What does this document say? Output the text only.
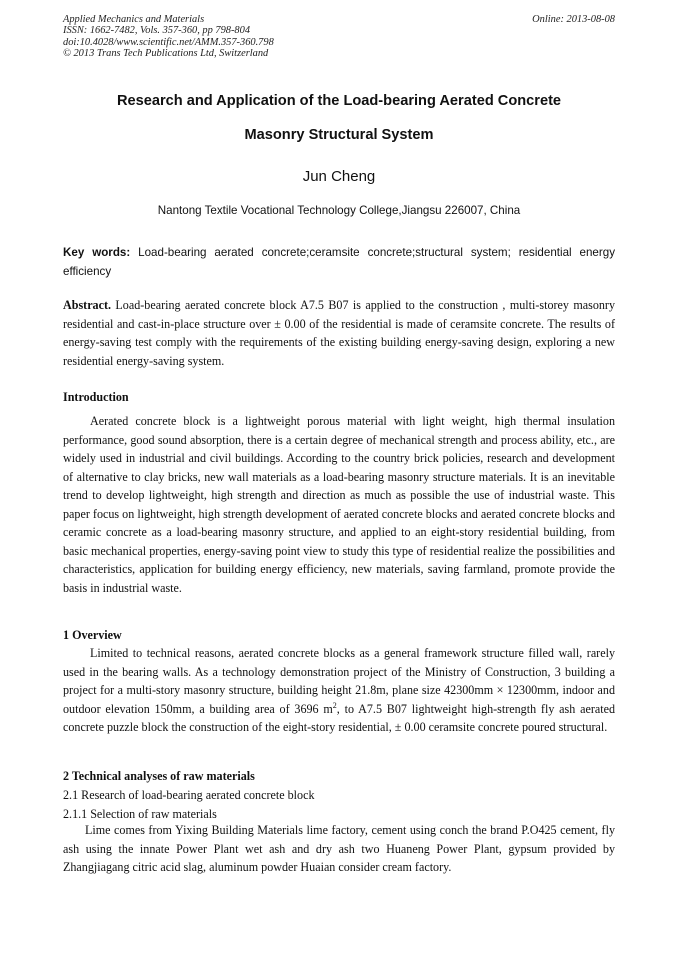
Applied Mechanics and Materials
ISSN: 1662-7482, Vols. 357-360, pp 798-804
doi:10.4028/www.scientific.net/AMM.357-360.798
© 2013 Trans Tech Publications Ltd, Switzerland
Online: 2013-08-08
Research and Application of the Load-bearing Aerated Concrete
Masonry Structural System
Jun Cheng
Nantong Textile Vocational Technology College,Jiangsu 226007, China
Key words: Load-bearing aerated concrete;ceramsite concrete;structural system; residential energy efficiency
Abstract. Load-bearing aerated concrete block A7.5 B07 is applied to the construction , multi-storey masonry residential and cast-in-place structure over ± 0.00 of the residential is made of ceramsite concrete. The results of energy-saving test comply with the requirements of the existing building energy-saving design, exploring a new residential energy-saving system.
Introduction
Aerated concrete block is a lightweight porous material with light weight, high thermal insulation performance, good sound absorption, there is a certain degree of mechanical strength and process ability, etc., are widely used in industrial and civil buildings. According to the country brick policies, research and development of alternative to clay bricks, new wall materials as a load-bearing masonry structure materials. It is an inevitable trend to develop lightweight, high strength and direction as much as possible the use of industrial waste. This paper focus on lightweight, high strength development of aerated concrete blocks and aerated concrete blocks and ceramic concrete as a load-bearing masonry structure, and applied to an eight-story residential building, from basic mechanical properties, energy-saving point view to study this type of residential realize the possibilities and characteristics, application for building energy efficiency, new materials, saving farmland, promote provide the basis in industrial waste.
1 Overview
Limited to technical reasons, aerated concrete blocks as a general framework structure filled wall, rarely used in the bearing walls. As a technology demonstration project of the Ministry of Construction, 3 building a project for a multi-story masonry structure, building height 21.8m, plane size 42300mm × 12300mm, indoor and outdoor elevation 150mm, a building area of 3696 $m^2$, to A7.5 B07 lightweight high-strength fly ash aerated concrete puzzle block the construction of the eight-story residential, ± 0.00 ceramsite concrete poured structural.
2 Technical analyses of raw materials
2.1 Research of load-bearing aerated concrete block
2.1.1 Selection of raw materials
Lime comes from Yixing Building Materials lime factory, cement using conch the brand P.O425 cement, fly ash using the innate Power Plant wet ash and dry ash two Huaneng Power Plant, gypsum provided by Zhangjiagang citric acid slag, aluminum powder Huaian consider cream factory.
